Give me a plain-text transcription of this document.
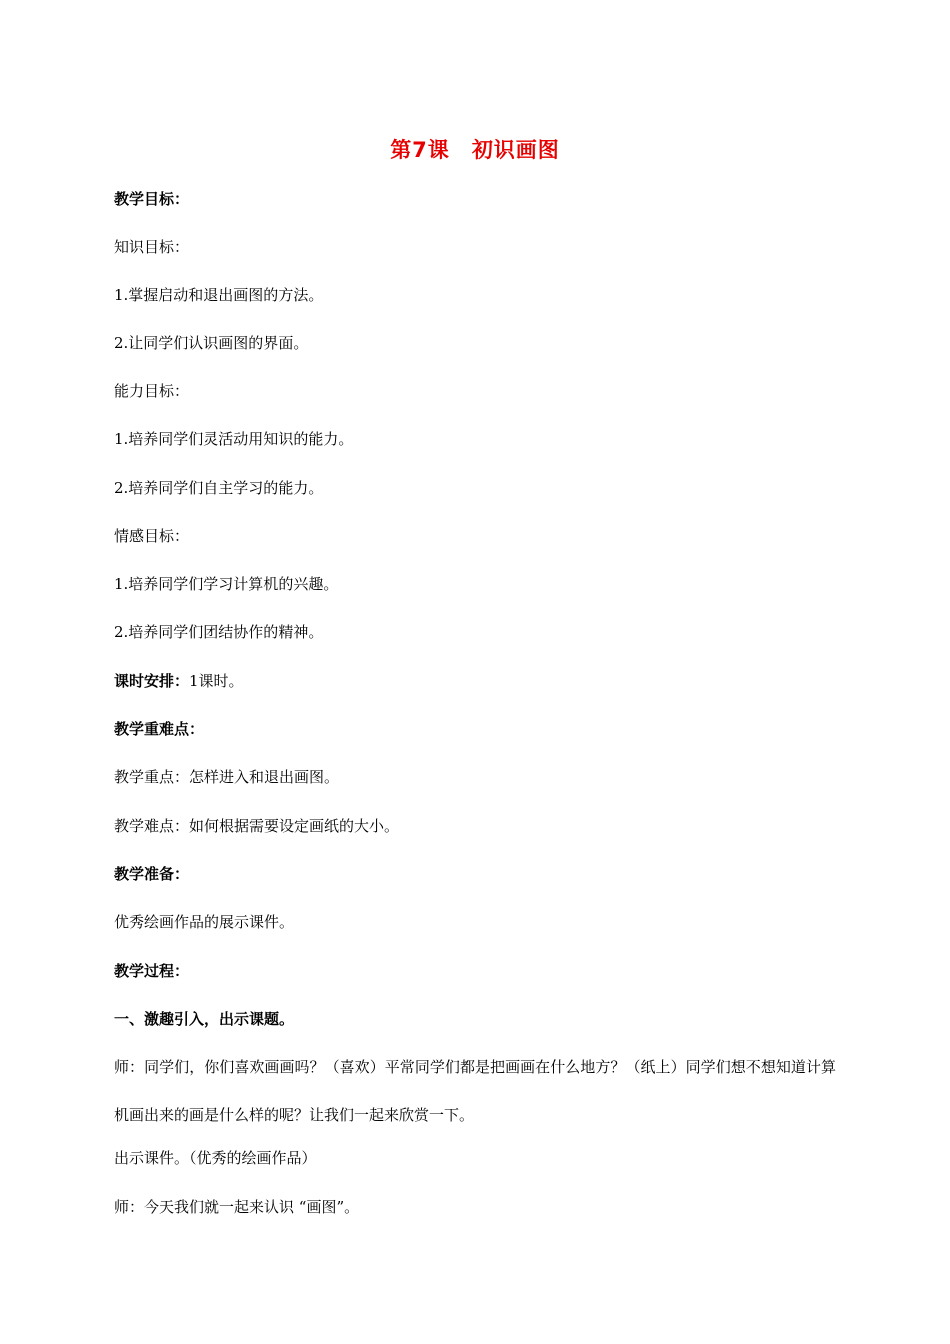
第7课 初识画图
教学目标：
知识目标：
1.掌握启动和退出画图的方法。
2.让同学们认识画图的界面。
能力目标：
1.培养同学们灵活动用知识的能力。
2.培养同学们自主学习的能力。
情感目标：
1.培养同学们学习计算机的兴趣。
2.培养同学们团结协作的精神。
课时安排：1课时。
教学重难点：
教学重点：怎样进入和退出画图。
教学难点：如何根据需要设定画纸的大小。
教学准备：
优秀绘画作品的展示课件。
教学过程：
一、激趣引入，出示课题。
师：同学们，你们喜欢画画吗？（喜欢）平常同学们都是把画画在什么地方？（纸上）同学们想不想知道计算机画出来的画是什么样的呢？让我们一起来欣赏一下。
出示课件。（优秀的绘画作品）
师：今天我们就一起来认识 “画图”。
